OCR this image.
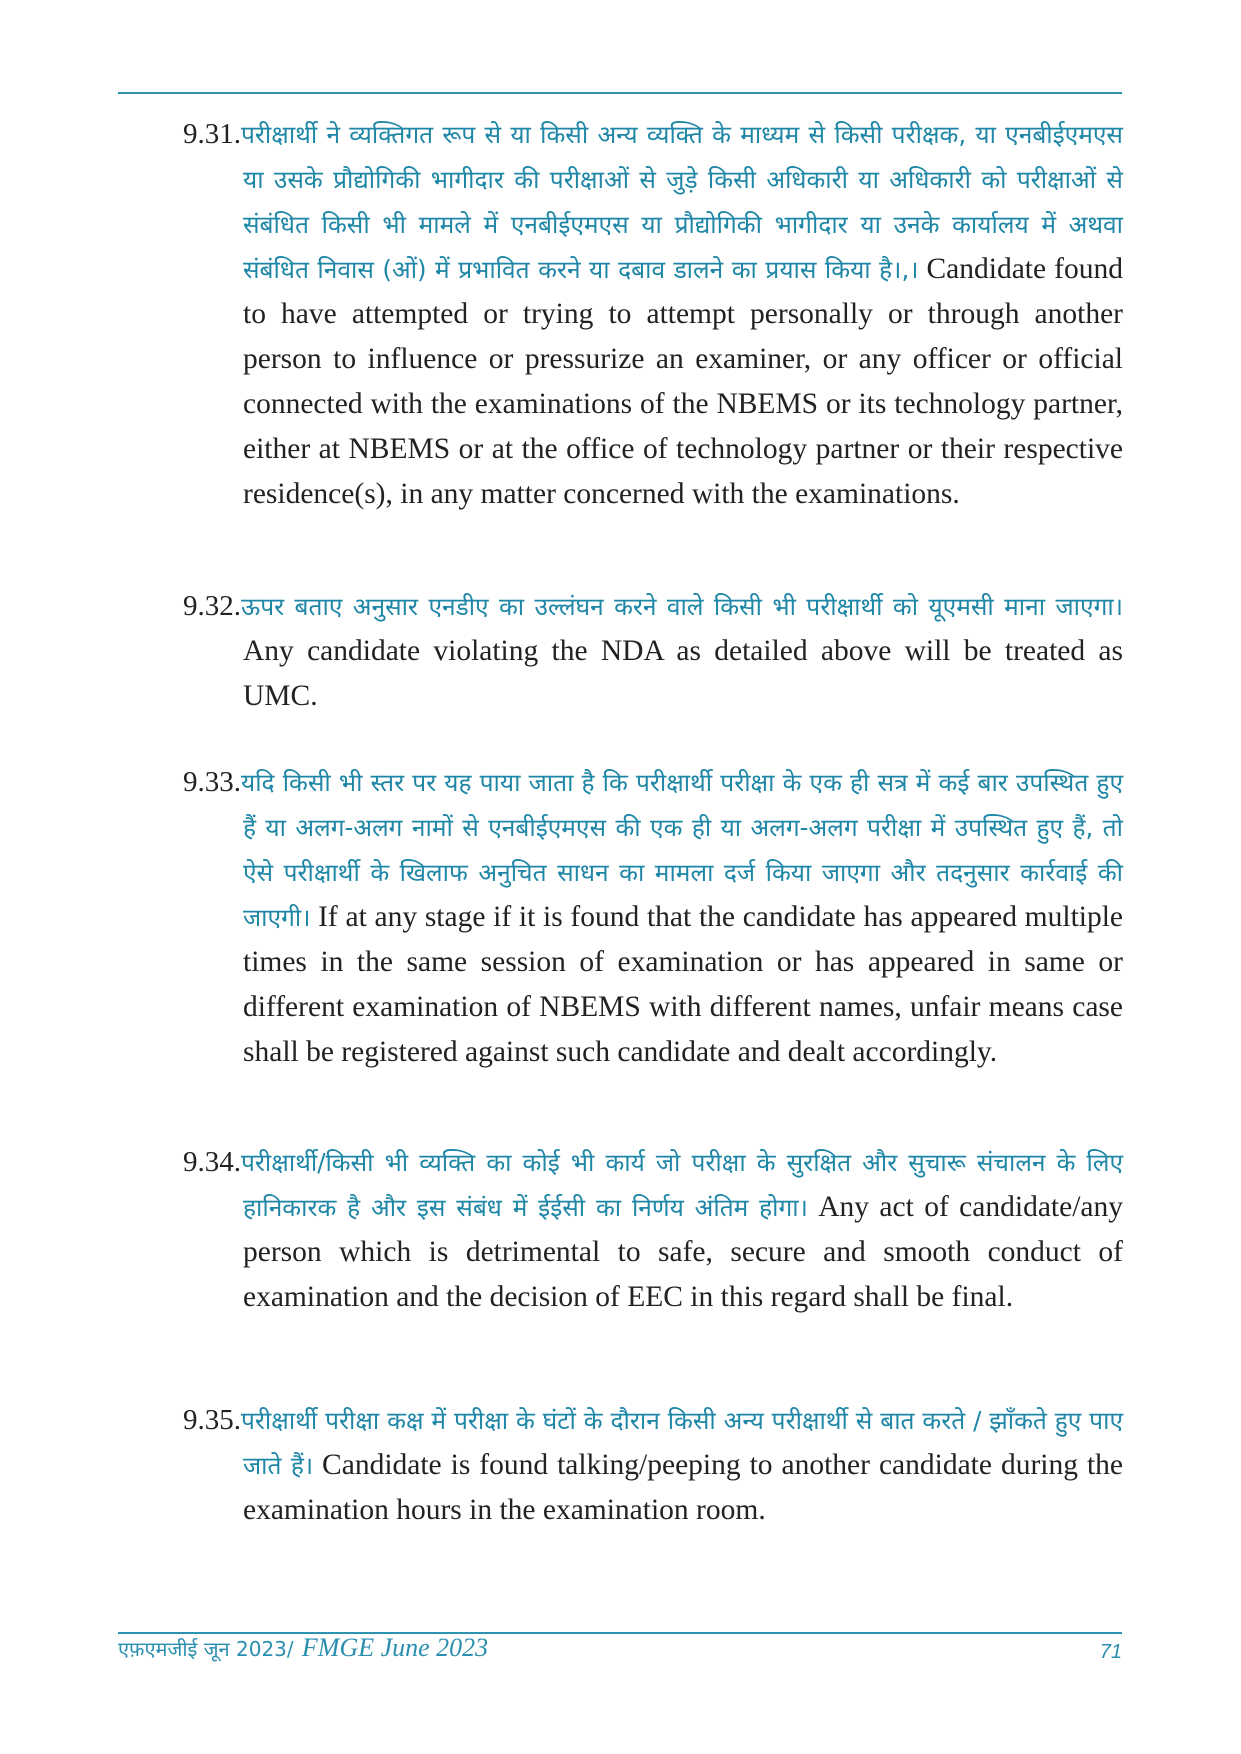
9.31.परीक्षार्थी ने व्यक्तिगत रूप से या किसी अन्य व्यक्ति के माध्यम से किसी परीक्षक, या एनबीईएमएस या उसके प्रौद्योगिकी भागीदार की परीक्षाओं से जुड़े किसी अधिकारी या अधिकारी को परीक्षाओं से संबंधित किसी भी मामले में एनबीईएमएस या प्रौद्योगिकी भागीदार या उनके कार्यालय में अथवा संबंधित निवास (ओं) में प्रभावित करने या दबाव डालने का प्रयास किया है।,। Candidate found to have attempted or trying to attempt personally or through another person to influence or pressurize an examiner, or any officer or official connected with the examinations of the NBEMS or its technology partner, either at NBEMS or at the office of technology partner or their respective residence(s), in any matter concerned with the examinations.
9.32.ऊपर बताए अनुसार एनडीए का उल्लंघन करने वाले किसी भी परीक्षार्थी को यूएमसी माना जाएगा। Any candidate violating the NDA as detailed above will be treated as UMC.
9.33.यदि किसी भी स्तर पर यह पाया जाता है कि परीक्षार्थी परीक्षा के एक ही सत्र में कई बार उपस्थित हुए हैं या अलग-अलग नामों से एनबीईएमएस की एक ही या अलग-अलग परीक्षा में उपस्थित हुए हैं, तो ऐसे परीक्षार्थी के खिलाफ अनुचित साधन का मामला दर्ज किया जाएगा और तदनुसार कार्रवाई की जाएगी। If at any stage if it is found that the candidate has appeared multiple times in the same session of examination or has appeared in same or different examination of NBEMS with different names, unfair means case shall be registered against such candidate and dealt accordingly.
9.34.परीक्षार्थी/किसी भी व्यक्ति का कोई भी कार्य जो परीक्षा के सुरक्षित और सुचारू संचालन के लिए हानिकारक है और इस संबंध में ईईसी का निर्णय अंतिम होगा। Any act of candidate/any person which is detrimental to safe, secure and smooth conduct of examination and the decision of EEC in this regard shall be final.
9.35.परीक्षार्थी परीक्षा कक्ष में परीक्षा के घंटों के दौरान किसी अन्य परीक्षार्थी से बात करते / झाँकते हुए पाए जाते हैं। Candidate is found talking/peeping to another candidate during the examination hours in the examination room.
एफ़एमजीई जून 2023/ FMGE June 2023	71
